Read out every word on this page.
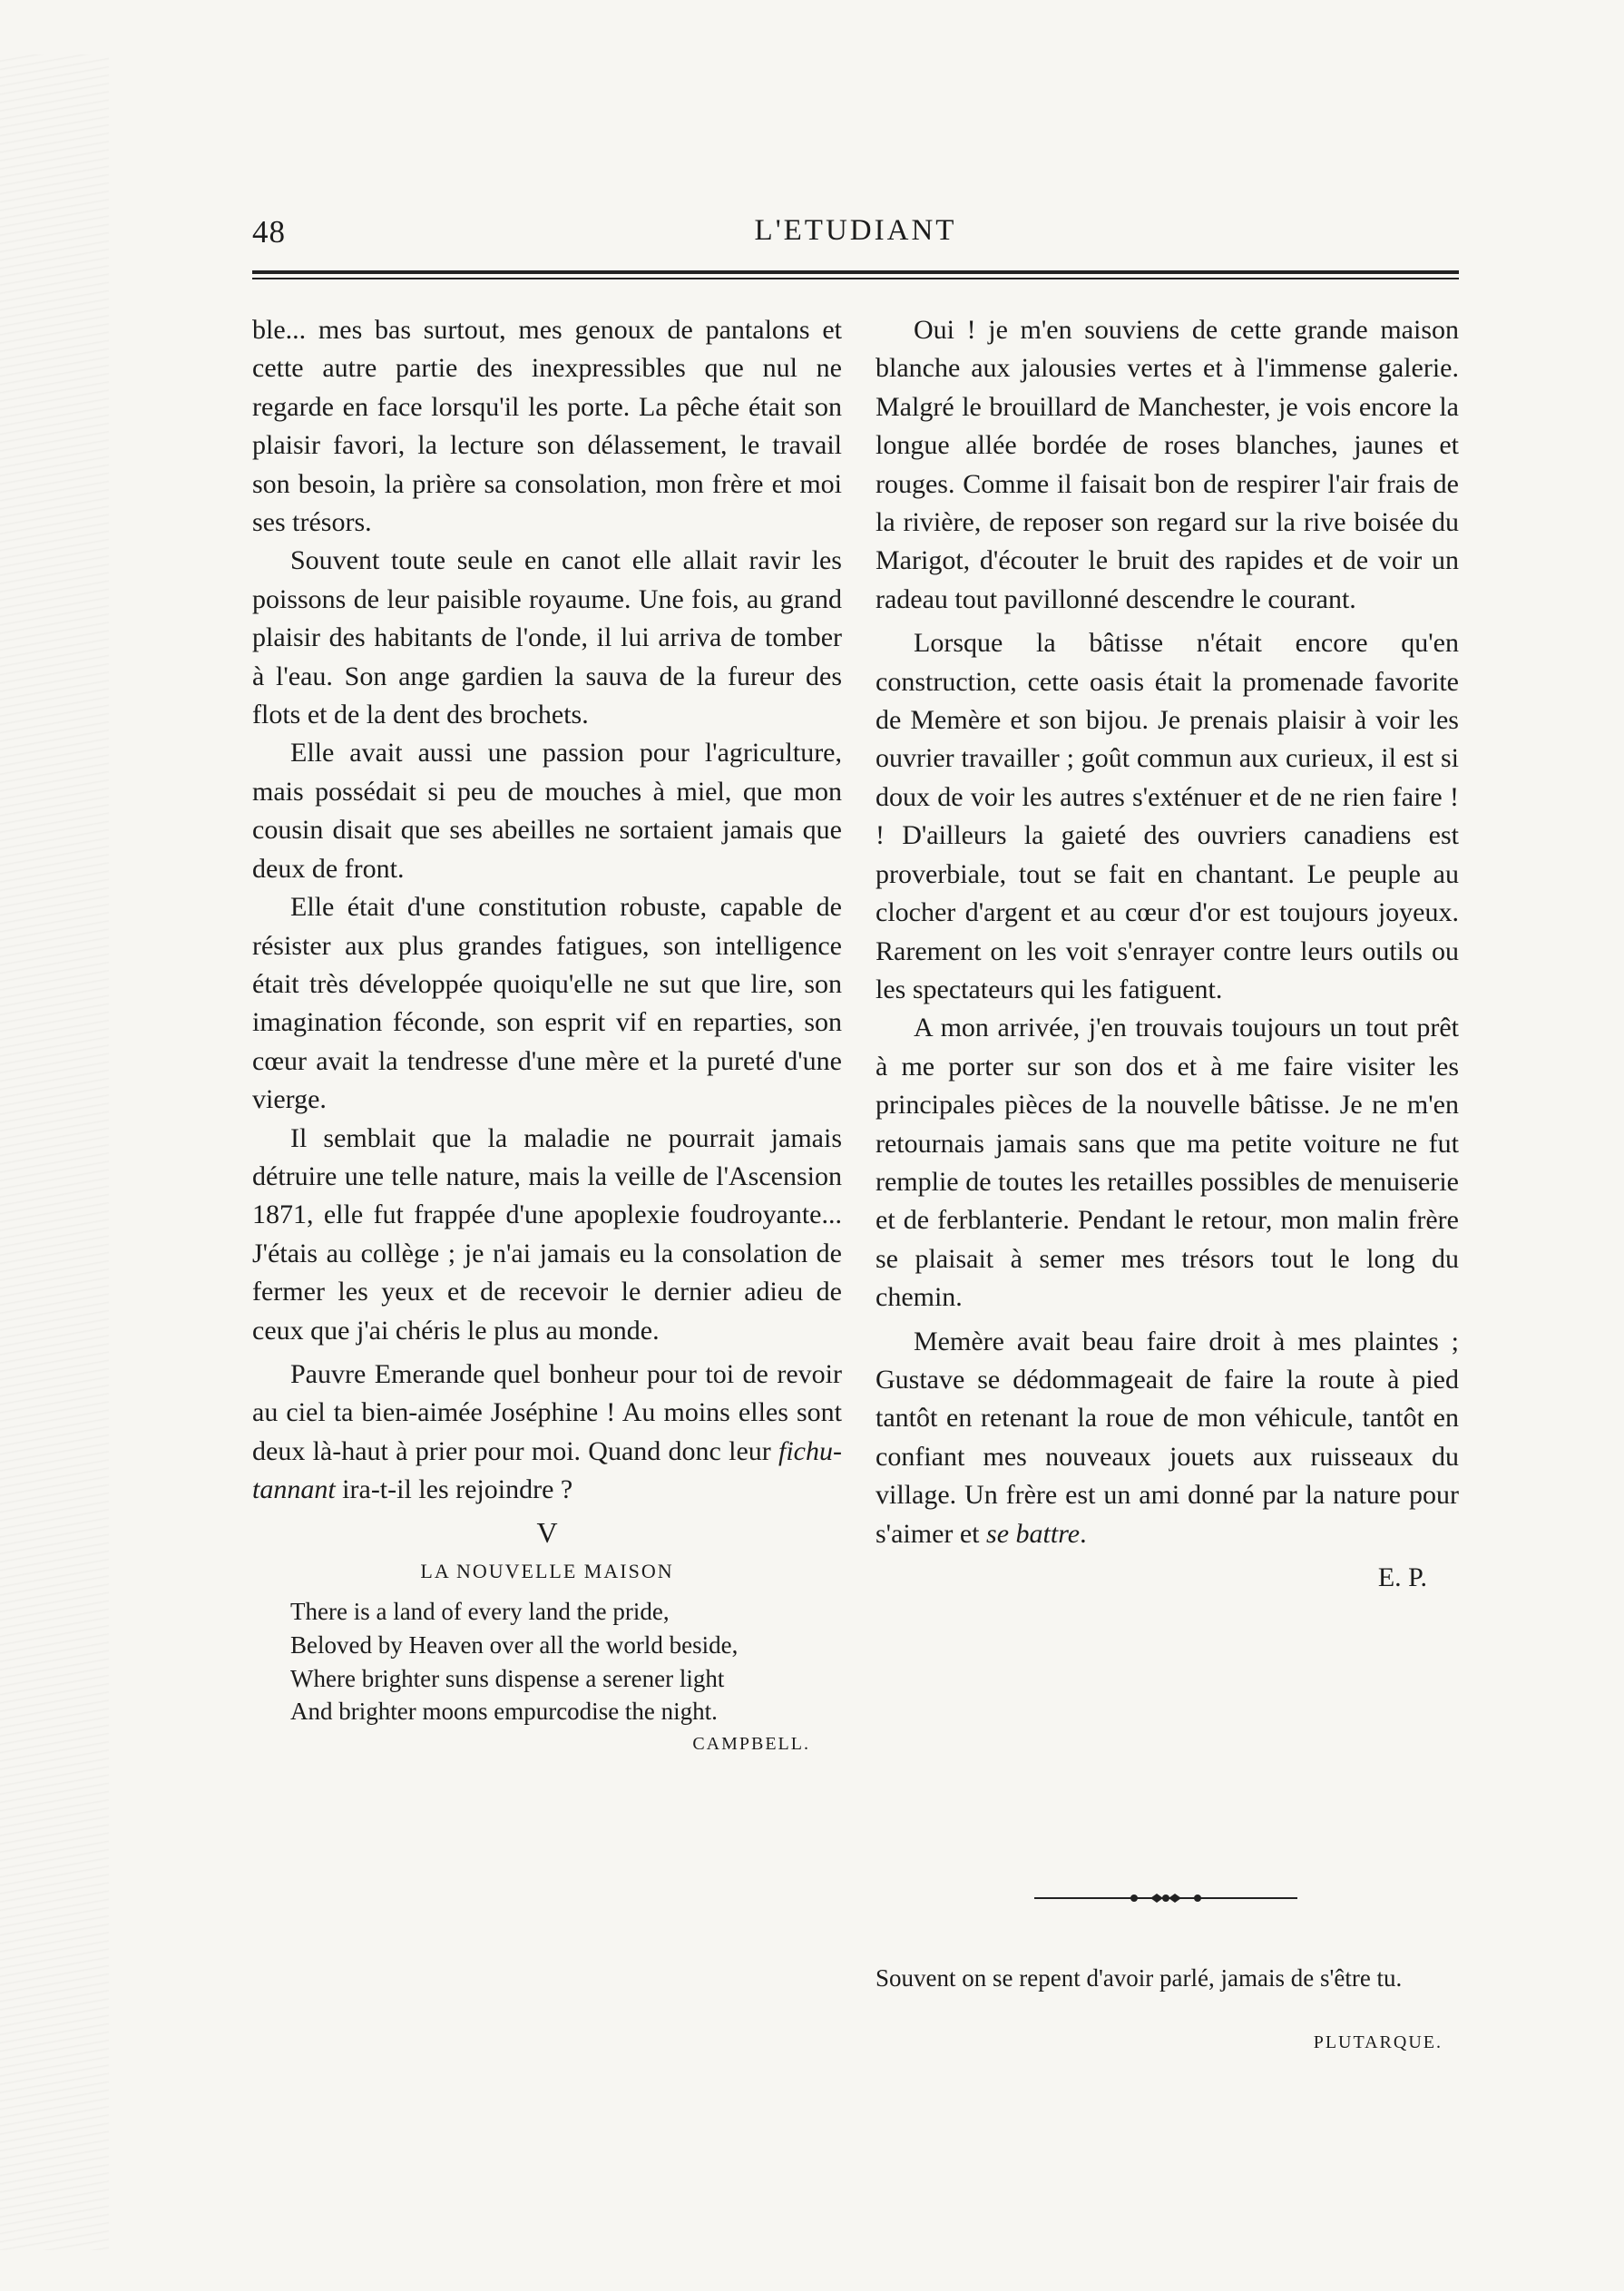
48	L'ETUDIANT

ble... mes bas surtout, mes genoux de pantalons et cette autre partie des inexpressibles que nul ne regarde en face lorsqu'il les porte. La pêche était son plaisir favori, la lecture son délassement, le travail son besoin, la prière sa consolation, mon frère et moi ses trésors.

Souvent toute seule en canot elle allait ravir les poissons de leur paisible royaume. Une fois, au grand plaisir des habitants de l'onde, il lui arriva de tomber à l'eau. Son ange gardien la sauva de la fureur des flots et de la dent des brochets.

Elle avait aussi une passion pour l'agriculture, mais possédait si peu de mouches à miel, que mon cousin disait que ses abeilles ne sortaient jamais que deux de front.

Elle était d'une constitution robuste, capable de résister aux plus grandes fatigues, son intelligence était très développée quoiqu'elle ne sut que lire, son imagination féconde, son esprit vif en reparties, son cœur avait la tendresse d'une mère et la pureté d'une vierge.

Il semblait que la maladie ne pourrait jamais détruire une telle nature, mais la veille de l'Ascension 1871, elle fut frappée d'une apoplexie foudroyante... J'étais au collège ; je n'ai jamais eu la consolation de fermer les yeux et de recevoir le dernier adieu de ceux que j'ai chéris le plus au monde.

Pauvre Emerande quel bonheur pour toi de revoir au ciel ta bien-aimée Joséphine ! Au moins elles sont deux là-haut à prier pour moi. Quand donc leur fichu-tannant ira-t-il les rejoindre ?

V

LA NOUVELLE MAISON

There is a land of every land the pride,
Beloved by Heaven over all the world beside,
Where brighter suns dispense a serener light
And brighter moons empurcodise the night.

CAMPBELL.

Oui ! je m'en souviens de cette grande maison blanche aux jalousies vertes et à l'immense galerie. Malgré le brouillard de Manchester, je vois encore la longue allée bordée de roses blanches, jaunes et rouges. Comme il faisait bon de respirer l'air frais de la rivière, de reposer son regard sur la rive boisée du Marigot, d'écouter le bruit des rapides et de voir un radeau tout pavillonné descendre le courant.

Lorsque la bâtisse n'était encore qu'en construction, cette oasis était la promenade favorite de Memère et son bijou. Je prenais plaisir à voir les ouvrier travailler ; goût commun aux curieux, il est si doux de voir les autres s'exténuer et de ne rien faire ! ! D'ailleurs la gaieté des ouvriers canadiens est proverbiale, tout se fait en chantant. Le peuple au clocher d'argent et au cœur d'or est toujours joyeux. Rarement on les voit s'enrayer contre leurs outils ou les spectateurs qui les fatiguent.

A mon arrivée, j'en trouvais toujours un tout prêt à me porter sur son dos et à me faire visiter les principales pièces de la nouvelle bâtisse. Je ne m'en retournais jamais sans que ma petite voiture ne fut remplie de toutes les retailles possibles de menuiserie et de ferblanterie. Pendant le retour, mon malin frère se plaisait à semer mes trésors tout le long du chemin.

Memère avait beau faire droit à mes plaintes ; Gustave se dédommageait de faire la route à pied tantôt en retenant la roue de mon véhicule, tantôt en confiant mes nouveaux jouets aux ruisseaux du village. Un frère est un ami donné par la nature pour s'aimer et se battre.

E. P.

Souvent on se repent d'avoir parlé, jamais de s'être tu.
PLUTARQUE.
